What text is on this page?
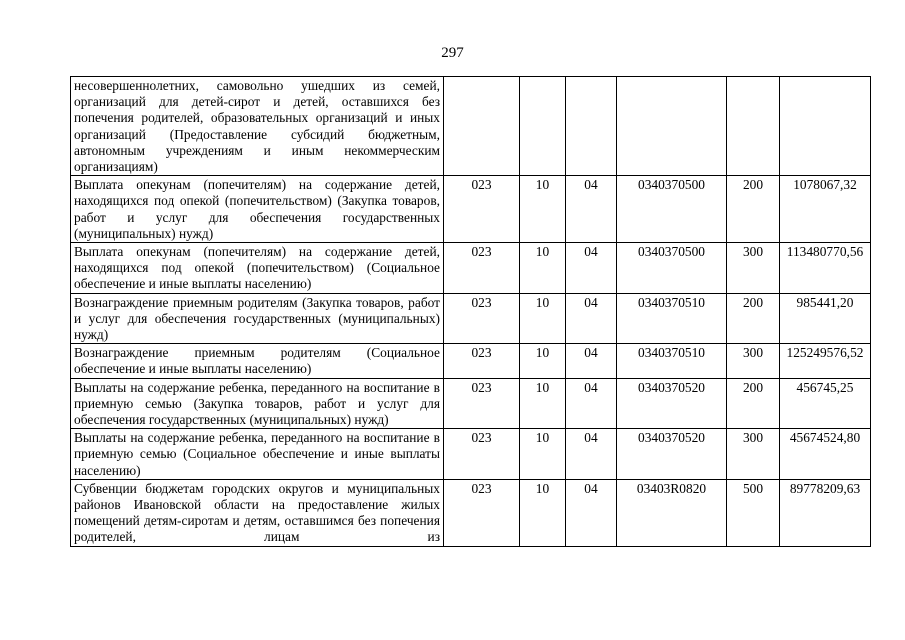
297
несовершеннолетних, самовольно ушедших из семей, организаций для детей-сирот и детей, оставшихся без попечения родителей, образовательных организаций и иных организаций (Предоставление субсидий бюджетным, автономным учреждениям и иным некоммерческим организациям)						
Выплата опекунам (попечителям) на содержание детей, находящихся под опекой (попечительством) (Закупка товаров, работ и услуг для обеспечения государственных (муниципальных) нужд)	023	10	04	0340370500	200	1078067,32
Выплата опекунам (попечителям) на содержание детей, находящихся под опекой (попечительством) (Социальное обеспечение и иные выплаты населению)	023	10	04	0340370500	300	113480770,56
Вознаграждение приемным родителям (Закупка товаров, работ и услуг для обеспечения государственных (муниципальных) нужд)	023	10	04	0340370510	200	985441,20
Вознаграждение приемным родителям (Социальное обеспечение и иные выплаты населению)	023	10	04	0340370510	300	125249576,52
Выплаты на содержание ребенка, переданного на воспитание в приемную семью (Закупка товаров, работ и услуг для обеспечения государственных (муниципальных) нужд)	023	10	04	0340370520	200	456745,25
Выплаты на содержание ребенка, переданного на воспитание в приемную семью (Социальное обеспечение и иные выплаты населению)	023	10	04	0340370520	300	45674524,80
Субвенции бюджетам городских округов и муниципальных районов Ивановской области на предоставление жилых помещений детям-сиротам и детям, оставшимся без попечения родителей, лицам из	023	10	04	03403R0820	500	89778209,63
